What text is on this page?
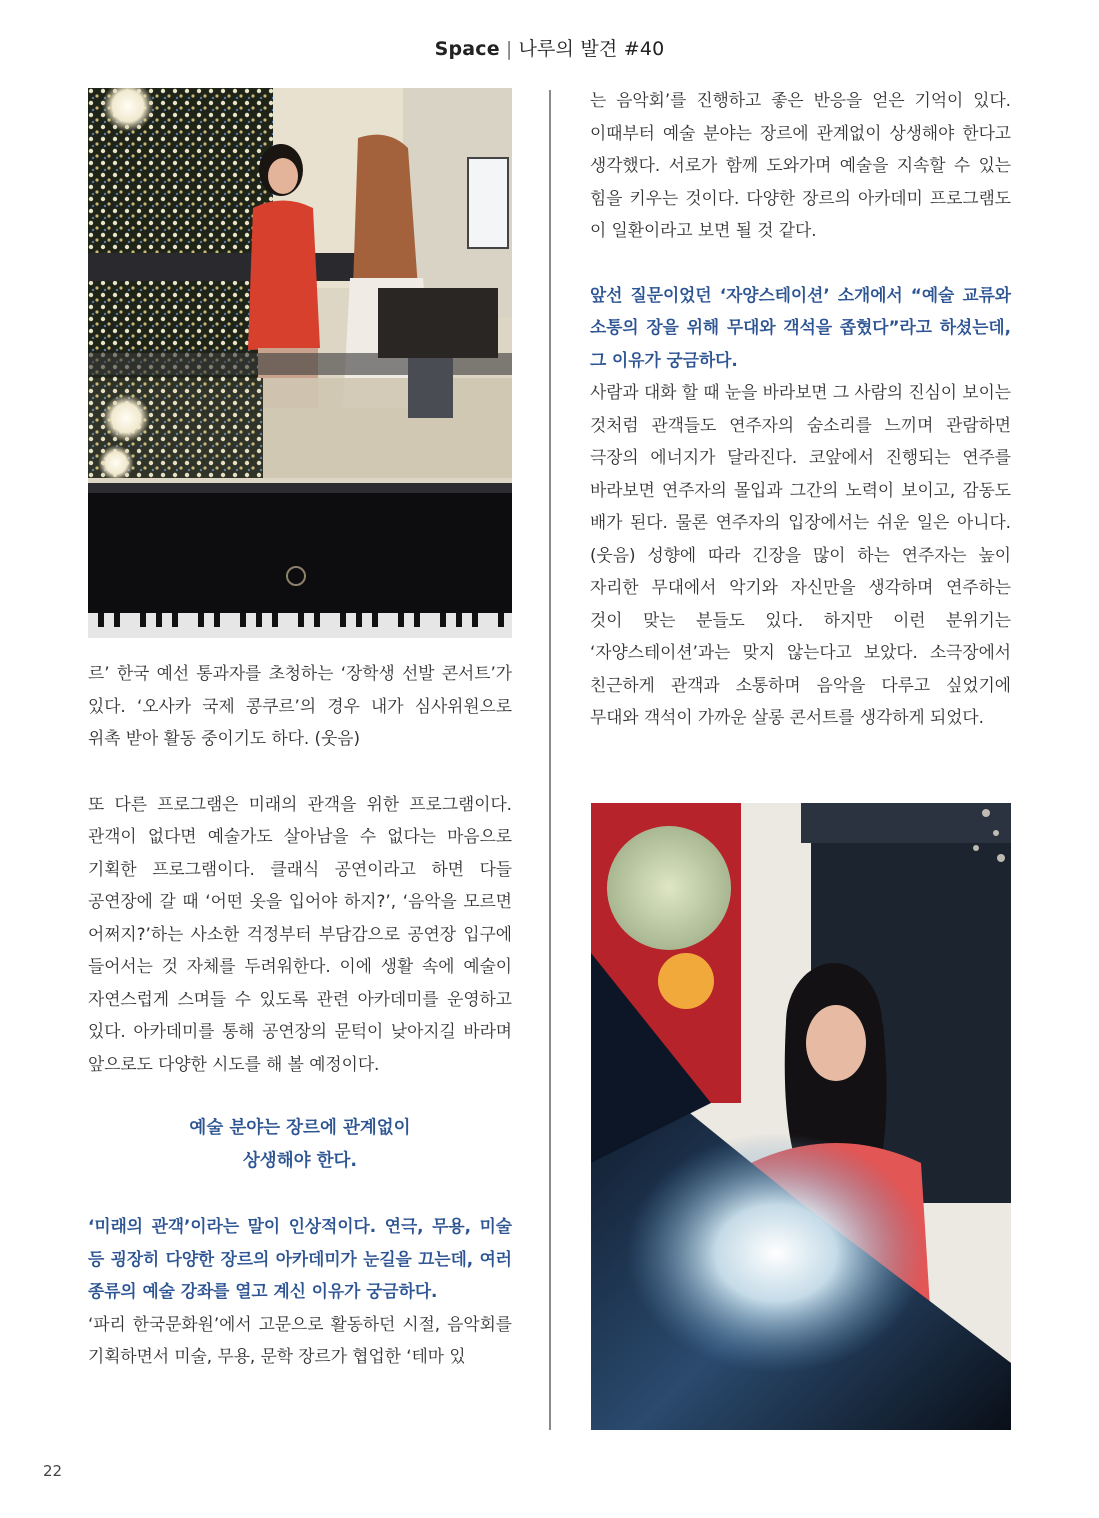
Space | 나루의 발견 #40

르’ 한국 예선 통과자를 초청하는 ‘장학생 선발 콘서트’가 있다. ‘오사카 국제 콩쿠르’의 경우 내가 심사위원으로 위촉 받아 활동 중이기도 하다. (웃음)

또 다른 프로그램은 미래의 관객을 위한 프로그램이다. 관객이 없다면 예술가도 살아남을 수 없다는 마음으로 기획한 프로그램이다. 클래식 공연이라고 하면 다들 공연장에 갈 때 ‘어떤 옷을 입어야 하지?’, ‘음악을 모르면 어쩌지?’하는 사소한 걱정부터 부담감으로 공연장 입구에 들어서는 것 자체를 두려워한다. 이에 생활 속에 예술이 자연스럽게 스며들 수 있도록 관련 아카데미를 운영하고 있다. 아카데미를 통해 공연장의 문턱이 낮아지길 바라며 앞으로도 다양한 시도를 해 볼 예정이다.

예술 분야는 장르에 관계없이
상생해야 한다.

‘미래의 관객’이라는 말이 인상적이다. 연극, 무용, 미술 등 굉장히 다양한 장르의 아카데미가 눈길을 끄는데, 여러 종류의 예술 강좌를 열고 계신 이유가 궁금하다.

‘파리 한국문화원’에서 고문으로 활동하던 시절, 음악회를 기획하면서 미술, 무용, 문학 장르가 협업한 ‘테마 있

는 음악회’를 진행하고 좋은 반응을 얻은 기억이 있다. 이때부터 예술 분야는 장르에 관계없이 상생해야 한다고 생각했다. 서로가 함께 도와가며 예술을 지속할 수 있는 힘을 키우는 것이다. 다양한 장르의 아카데미 프로그램도 이 일환이라고 보면 될 것 같다.

앞선 질문이었던 ‘자양스테이션’ 소개에서 “예술 교류와 소통의 장을 위해 무대와 객석을 좁혔다”라고 하셨는데, 그 이유가 궁금하다.

사람과 대화 할 때 눈을 바라보면 그 사람의 진심이 보이는 것처럼 관객들도 연주자의 숨소리를 느끼며 관람하면 극장의 에너지가 달라진다. 코앞에서 진행되는 연주를 바라보면 연주자의 몰입과 그간의 노력이 보이고, 감동도 배가 된다. 물론 연주자의 입장에서는 쉬운 일은 아니다. (웃음) 성향에 따라 긴장을 많이 하는 연주자는 높이 자리한 무대에서 악기와 자신만을 생각하며 연주하는 것이 맞는 분들도 있다. 하지만 이런 분위기는 ‘자양스테이션’과는 맞지 않는다고 보았다. 소극장에서 친근하게 관객과 소통하며 음악을 다루고 싶었기에 무대와 객석이 가까운 살롱 콘서트를 생각하게 되었다.

22
